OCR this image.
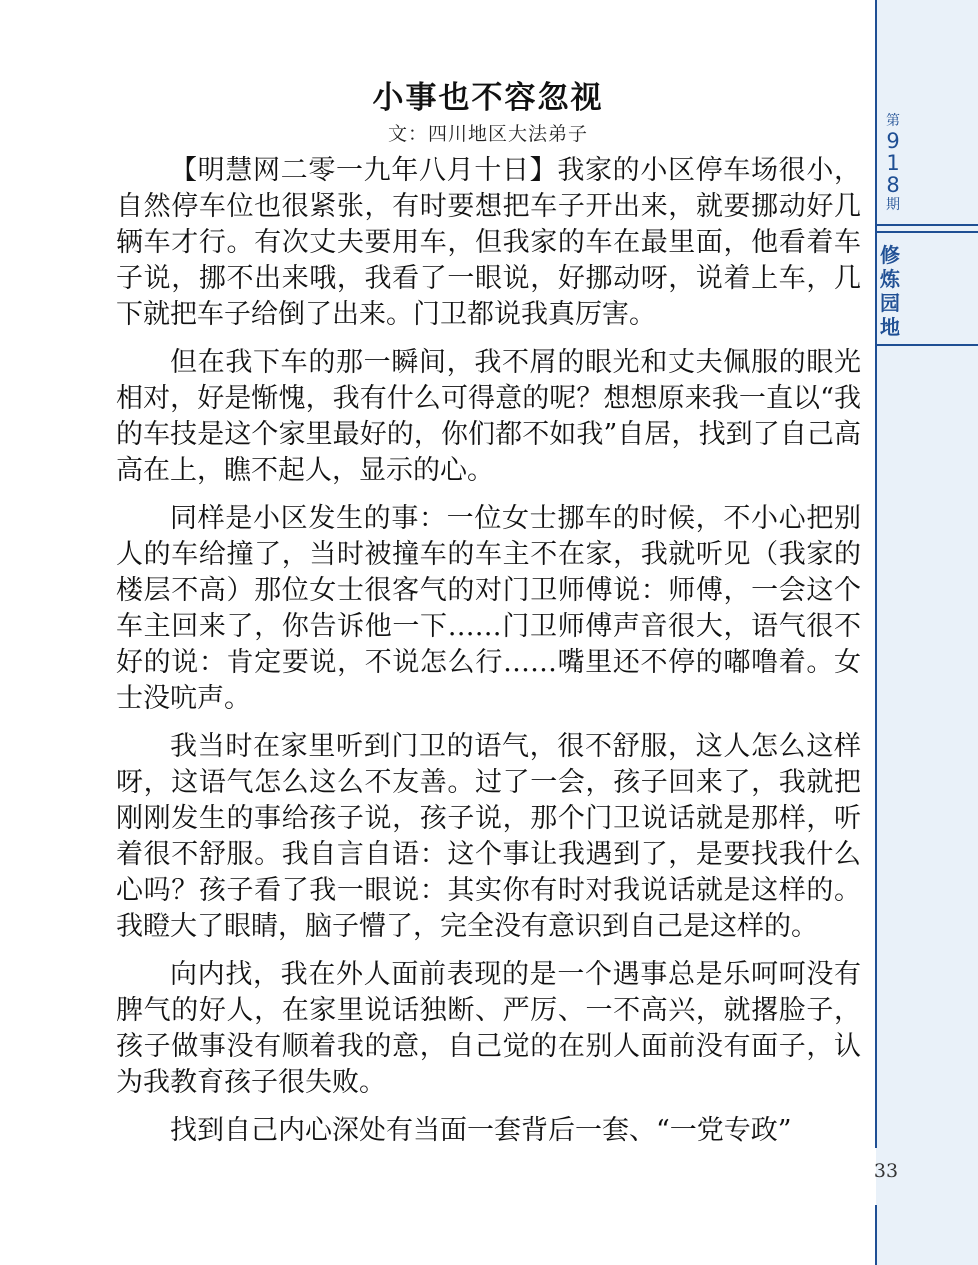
第
9
1
8
期
修
炼
园
地
小事也不容忽视
文：四川地区大法弟子

【明慧网二零一九年八月十日】我家的小区停车场很小，自然停车位也很紧张，有时要想把车子开出来，就要挪动好几辆车才行。有次丈夫要用车，但我家的车在最里面，他看着车子说，挪不出来哦，我看了一眼说，好挪动呀，说着上车，几下就把车子给倒了出来。门卫都说我真厉害。

但在我下车的那一瞬间，我不屑的眼光和丈夫佩服的眼光相对，好是惭愧，我有什么可得意的呢？想想原来我一直以“我的车技是这个家里最好的，你们都不如我”自居，找到了自己高高在上，瞧不起人，显示的心。

同样是小区发生的事：一位女士挪车的时候，不小心把别人的车给撞了，当时被撞车的车主不在家，我就听见（我家的楼层不高）那位女士很客气的对门卫师傅说：师傅，一会这个车主回来了，你告诉他一下……门卫师傅声音很大，语气很不好的说：肯定要说，不说怎么行……嘴里还不停的嘟噜着。女士没吭声。

我当时在家里听到门卫的语气，很不舒服，这人怎么这样呀，这语气怎么这么不友善。过了一会，孩子回来了，我就把刚刚发生的事给孩子说，孩子说，那个门卫说话就是那样，听着很不舒服。我自言自语：这个事让我遇到了，是要找我什么心吗？孩子看了我一眼说：其实你有时对我说话就是这样的。我瞪大了眼睛，脑子懵了，完全没有意识到自己是这样的。

向内找，我在外人面前表现的是一个遇事总是乐呵呵没有脾气的好人，在家里说话独断、严厉、一不高兴，就撂脸子，孩子做事没有顺着我的意，自己觉的在别人面前没有面子，认为我教育孩子很失败。

找到自己内心深处有当面一套背后一套、“一党专政”

33
